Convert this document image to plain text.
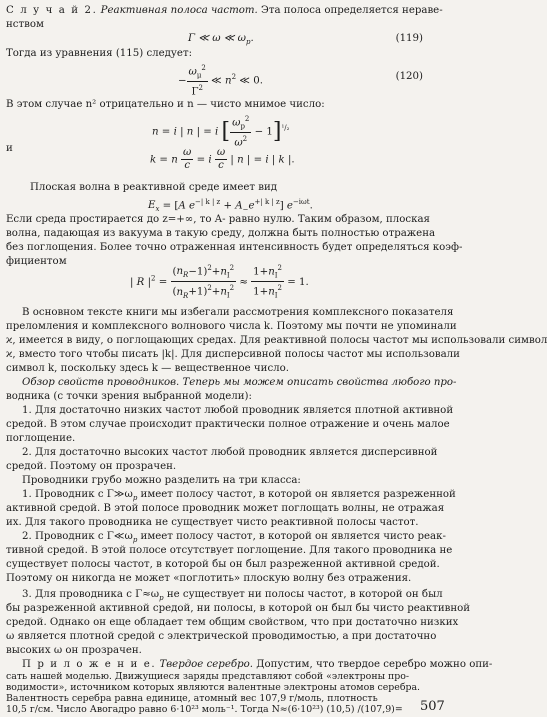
С л у ч а й 2. Реактивная полоса частот. Эта полоса определяется нераве-
нством
Γ ≪ ω ≪ $\omega_p$.	(119)
Тогда из уравнения (115) следует:
− $\frac{\omega_\mu^2}{\Gamma^2}$ ≪ $n^2$ ≪ 0.	(120)
В этом случае n² отрицательно и n — чисто мнимое число:
n = i | n | = i [ $\frac{\omega_p^2}{\omega^2} - 1]^{^1/_2}$
и
k = n $\frac{\omega}{c} = i \frac{\omega}{c}$ | n | = i | k |.
Плоская волна в реактивной среде имеет вид
$E_x = [A$ $e^{-| k | z} + A_-e^{+| k | z}$] $e^{-i\omega t}$.
Если среда простирается до z=+∞, то A- равно нулю. Таким образом, плоская
волна, падающая из вакуума в такую среду, должна быть полностью отражена
без поглощения. Более точно отраженная интенсивность будет определяться коэф-
фициентом
| R $|^2 = \frac{(n_R-1)^2+n_I^2}{(n_R+1)^2+n_I^2} \approx \frac{1+n_I^2}{1+n_I^2} = 1$.
В основном тексте книги мы избегали рассмотрения комплексного показателя
преломления и комплексного волнового числа k. Поэтому мы почти не упоминали
ϰ, имеется в виду, о поглощающих средах. Для реактивной полосы частот мы использовали символ
ϰ, вместо того чтобы писать |k|. Для дисперсивной полосы частот мы использовали
символ k, поскольку здесь k — вещественное число.
Обзор свойств проводников. Теперь мы можем описать свойства любого про-
водника (с точки зрения выбранной модели):
1. Для достаточно низких частот любой проводник является плотной активной
средой. В этом случае происходит практически полное отражение и очень малое
поглощение.
2. Для достаточно высоких частот любой проводник является дисперсивной
средой. Поэтому он прозрачен.
Проводники грубо можно разделить на три класса:
1. Проводник с $\Gamma≫\omega_p$ имеет полосу частот, в которой он является разреженной
активной средой. В этой полосе проводник может поглощать волны, не отражая
их. Для такого проводника не существует чисто реактивной полосы частот.
2. Проводник с $\Gamma≪\omega_p$ имеет полосу частот, в которой он является чисто реак-
тивной средой. В этой полосе отсутствует поглощение. Для такого проводника не
существует полосы частот, в которой бы он был разреженной активной средой.
Поэтому он никогда не может «поглотить» плоскую волну без отражения.
3. Для проводника с $\Gamma\approx\omega_p$ не существует ни полосы частот, в которой он был
бы разреженной активной средой, ни полосы, в которой он был бы чисто реактивной
средой. Однако он еще обладает тем общим свойством, что при достаточно низких
ω является плотной средой с электрической проводимостью, а при достаточно
высоких ω он прозрачен.
П р и л о ж е н и е. Твердое серебро. Допустим, что твердое серебро можно опи-
сать нашей моделью. Движущиеся заряды представляют собой «электроны про-
507
водимости», источником которых являются валентные электроны атомов серебра.
Валентность серебра равна единице, атомный вес 107,9 г/моль, плотность
10,5 г/см. Число Авогадро равно 6·10²³ моль⁻¹. Тогда N≈(6·10²³) (10,5) /(107,9)=
